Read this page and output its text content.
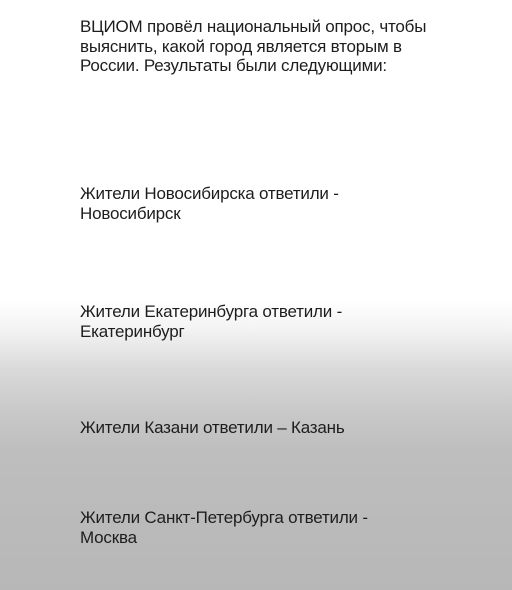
ВЦИОМ провёл национальный опрос, чтобы выяснить, какой город является вторым в России. Результаты были следующими:

Жители Новосибирска ответили - Новосибирск

Жители Екатеринбурга ответили - Екатеринбург

Жители Казани ответили – Казань

Жители Санкт-Петербурга ответили - Москва
